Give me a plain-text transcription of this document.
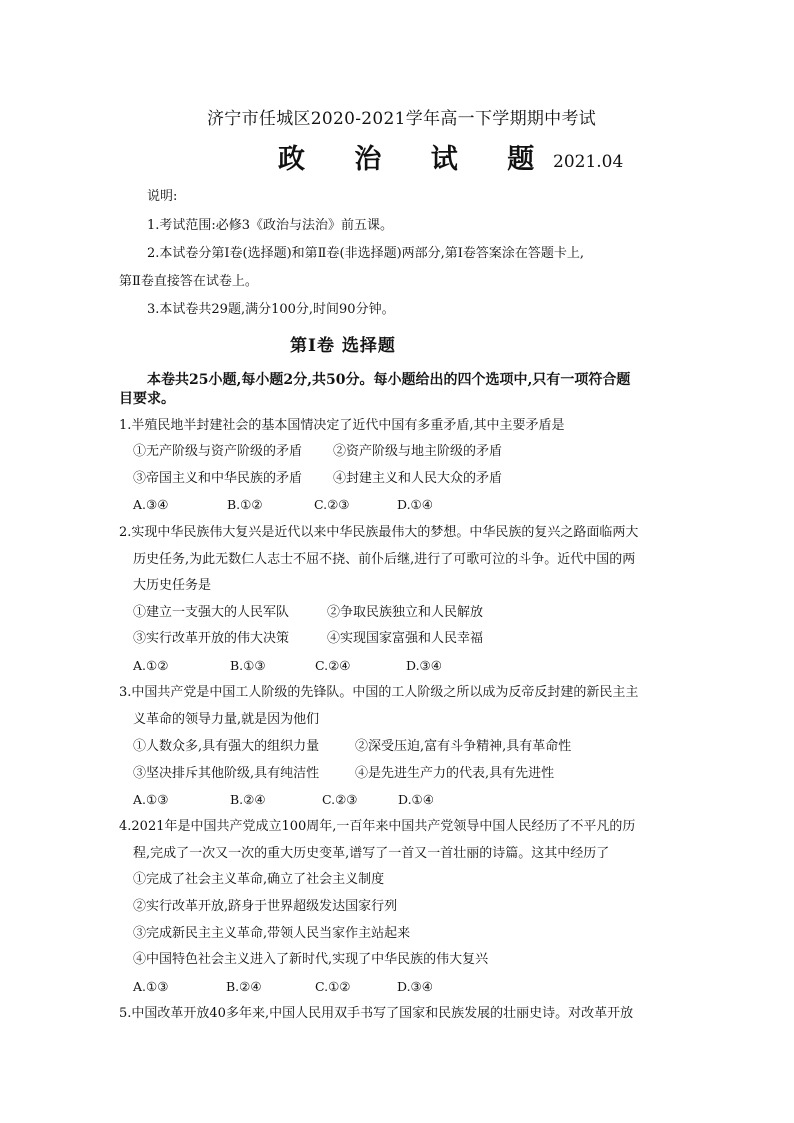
济宁市任城区2020-2021学年高一下学期期中考试
政 治 试 题
2021.04
说明:
1.考试范围:必修3《政治与法治》前五课。
2.本试卷分第Ⅰ卷(选择题)和第Ⅱ卷(非选择题)两部分,第Ⅰ卷答案涂在答题卡上,
第Ⅱ卷直接答在试卷上。
3.本试卷共29题,满分100分,时间90分钟。
第Ⅰ卷 选择题
本卷共25小题,每小题2分,共50分。每小题给出的四个选项中,只有一项符合题
目要求。
1.半殖民地半封建社会的基本国情决定了近代中国有多重矛盾,其中主要矛盾是
①无产阶级与资产阶级的矛盾 ②资产阶级与地主阶级的矛盾
③帝国主义和中华民族的矛盾 ④封建主义和人民大众的矛盾
A.③④	B.①②	C.②③	D.①④
2.实现中华民族伟大复兴是近代以来中华民族最伟大的梦想。中华民族的复兴之路面临两大
历史任务,为此无数仁人志士不屈不挠、前仆后继,进行了可歌可泣的斗争。近代中国的两
大历史任务是
①建立一支强大的人民军队	②争取民族独立和人民解放
③实行改革开放的伟大决策	④实现国家富强和人民幸福
A.①②	B.①③	C.②④	D.③④
3.中国共产党是中国工人阶级的先锋队。中国的工人阶级之所以成为反帝反封建的新民主主
义革命的领导力量,就是因为他们
①人数众多,具有强大的组织力量	②深受压迫,富有斗争精神,具有革命性
③坚决排斥其他阶级,具有纯洁性	④是先进生产力的代表,具有先进性
A.①③	B.②④	C.②③	D.①④
4.2021年是中国共产党成立100周年,一百年来中国共产党领导中国人民经历了不平凡的历
程,完成了一次又一次的重大历史变革,谱写了一首又一首壮丽的诗篇。这其中经历了
①完成了社会主义革命,确立了社会主义制度
②实行改革开放,跻身于世界超级发达国家行列
③完成新民主主义革命,带领人民当家作主站起来
④中国特色社会主义进入了新时代,实现了中华民族的伟大复兴
A.①③	B.②④	C.①②	D.③④
5.中国改革开放40多年来,中国人民用双手书写了国家和民族发展的壮丽史诗。对改革开放
